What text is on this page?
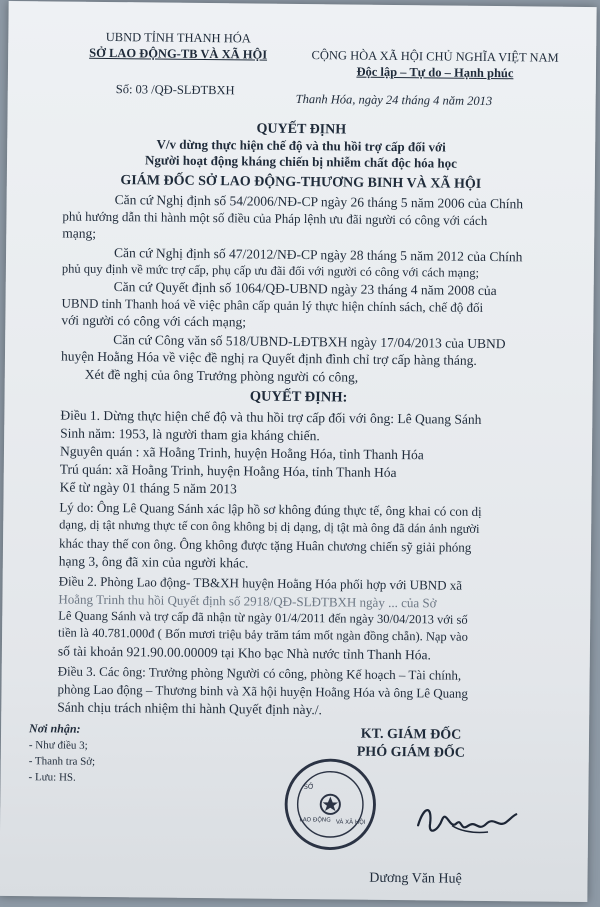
UBND TỈNH THANH HÓA
SỞ LAO ĐỘNG-TB VÀ XÃ HỘI
Số: 03 /QĐ-SLĐTBXH
CỘNG HÒA XÃ HỘI CHỦ NGHĨA VIỆT NAM
Độc lập – Tự do – Hạnh phúc
Thanh Hóa, ngày 24 tháng 4 năm 2013
QUYẾT ĐỊNH
V/v dừng thực hiện chế độ và thu hồi trợ cấp đối với
Người hoạt động kháng chiến bị nhiễm chất độc hóa học
GIÁM ĐỐC SỞ LAO ĐỘNG-THƯƠNG BINH VÀ XÃ HỘI
Căn cứ Nghị định số 54/2006/NĐ-CP ngày 26 tháng 5 năm 2006 của Chính
phủ hướng dẫn thi hành một số điều của Pháp lệnh ưu đãi người có công với cách
mạng;
Căn cứ Nghị định số 47/2012/NĐ-CP ngày 28 tháng 5 năm 2012 của Chính
phủ quy định về mức trợ cấp, phụ cấp ưu đãi đối với người có công với cách mạng;
Căn cứ Quyết định số 1064/QĐ-UBND ngày 23 tháng 4 năm 2008 của
UBND tỉnh Thanh hoá về việc phân cấp quản lý thực hiện chính sách, chế độ đối
với người có công với cách mạng;
Căn cứ Công văn số 518/UBND-LĐTBXH ngày 17/04/2013 của UBND
huyện Hoằng Hóa về việc đề nghị ra Quyết định đình chỉ trợ cấp hàng tháng.
Xét đề nghị của ông Trưởng phòng người có công,
QUYẾT ĐỊNH:
Điều 1. Dừng thực hiện chế độ và thu hồi trợ cấp đối với ông: Lê Quang Sánh
Sinh năm: 1953, là người tham gia kháng chiến.
Nguyên quán : xã Hoằng Trinh, huyện Hoằng Hóa, tỉnh Thanh Hóa
Trú quán: xã Hoằng Trinh, huyện Hoằng Hóa, tỉnh Thanh Hóa
Kể từ ngày 01 tháng 5 năm 2013
Lý do: Ông Lê Quang Sánh xác lập hồ sơ không đúng thực tế, ông khai có con dị
dạng, dị tật nhưng thực tế con ông không bị dị dạng, dị tật mà ông đã dán ảnh người
khác thay thế con ông. Ông không được tặng Huân chương chiến sỹ giải phóng
hạng 3, ông đã xin của người khác.
Điều 2. Phòng Lao động- TB&XH huyện Hoằng Hóa phối hợp với UBND xã
Hoằng Trinh thu hồi Quyết định số 2918/QĐ-SLĐTBXH ngày ... của Sở
Lê Quang Sánh và trợ cấp đã nhận từ ngày 01/4/2011 đến ngày 30/04/2013 với số
tiền là 40.781.000đ ( Bốn mươi triệu bảy trăm tám mốt ngàn đồng chẵn). Nạp vào
số tài khoản 921.90.00.00009 tại Kho bạc Nhà nước tỉnh Thanh Hóa.
Điều 3. Các ông: Trưởng phòng Người có công, phòng Kế hoạch – Tài chính,
phòng Lao động – Thương binh và Xã hội huyện Hoằng Hóa và ông Lê Quang
Sánh chịu trách nhiệm thi hành Quyết định này./.
Nơi nhận:
- Như điều 3;
- Thanh tra Sở;
- Lưu: HS.
KT. GIÁM ĐỐC
PHÓ GIÁM ĐỐC
SỞ
LAO ĐỘNG VÀ XÃ HỘI
Dương Văn Huệ
